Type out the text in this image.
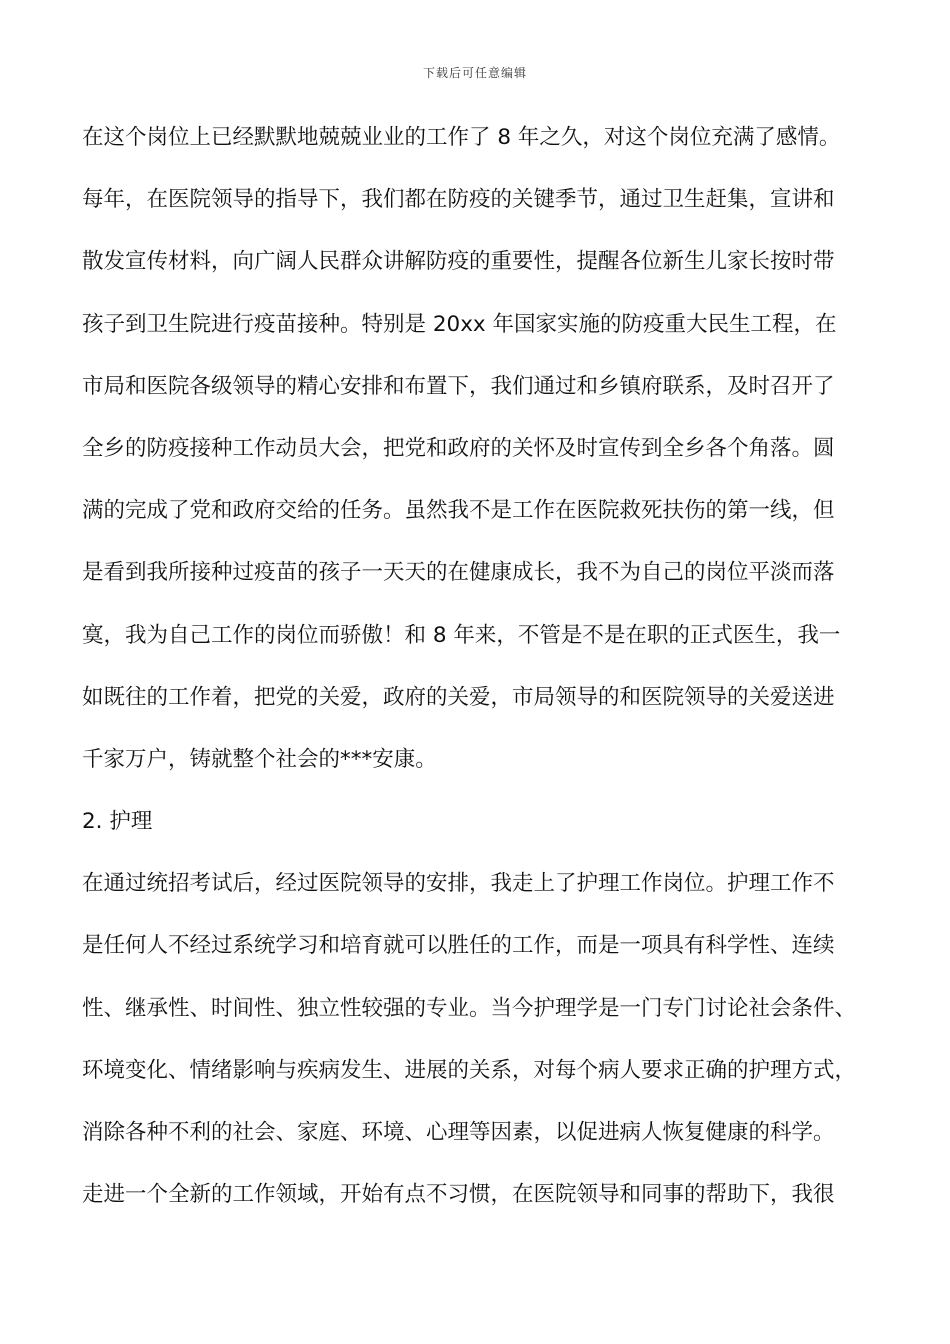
下载后可任意编辑
在这个岗位上已经默默地兢兢业业的工作了 8 年之久，对这个岗位充满了感情。
每年，在医院领导的指导下，我们都在防疫的关键季节，通过卫生赶集，宣讲和
散发宣传材料，向广阔人民群众讲解防疫的重要性，提醒各位新生儿家长按时带
孩子到卫生院进行疫苗接种。特别是 20xx 年国家实施的防疫重大民生工程，在
市局和医院各级领导的精心安排和布置下，我们通过和乡镇府联系，及时召开了
全乡的防疫接种工作动员大会，把党和政府的关怀及时宣传到全乡各个角落。圆
满的完成了党和政府交给的任务。虽然我不是工作在医院救死扶伤的第一线，但
是看到我所接种过疫苗的孩子一天天的在健康成长，我不为自己的岗位平淡而落
寞，我为自己工作的岗位而骄傲！和 8 年来，不管是不是在职的正式医生，我一
如既往的工作着，把党的关爱，政府的关爱，市局领导的和医院领导的关爱送进
千家万户，铸就整个社会的***安康。
2. 护理
在通过统招考试后，经过医院领导的安排，我走上了护理工作岗位。护理工作不
是任何人不经过系统学习和培育就可以胜任的工作，而是一项具有科学性、连续
性、继承性、时间性、独立性较强的专业。当今护理学是一门专门讨论社会条件、
环境变化、情绪影响与疾病发生、进展的关系，对每个病人要求正确的护理方式，
消除各种不利的社会、家庭、环境、心理等因素，以促进病人恢复健康的科学。
走进一个全新的工作领域，开始有点不习惯，在医院领导和同事的帮助下，我很
